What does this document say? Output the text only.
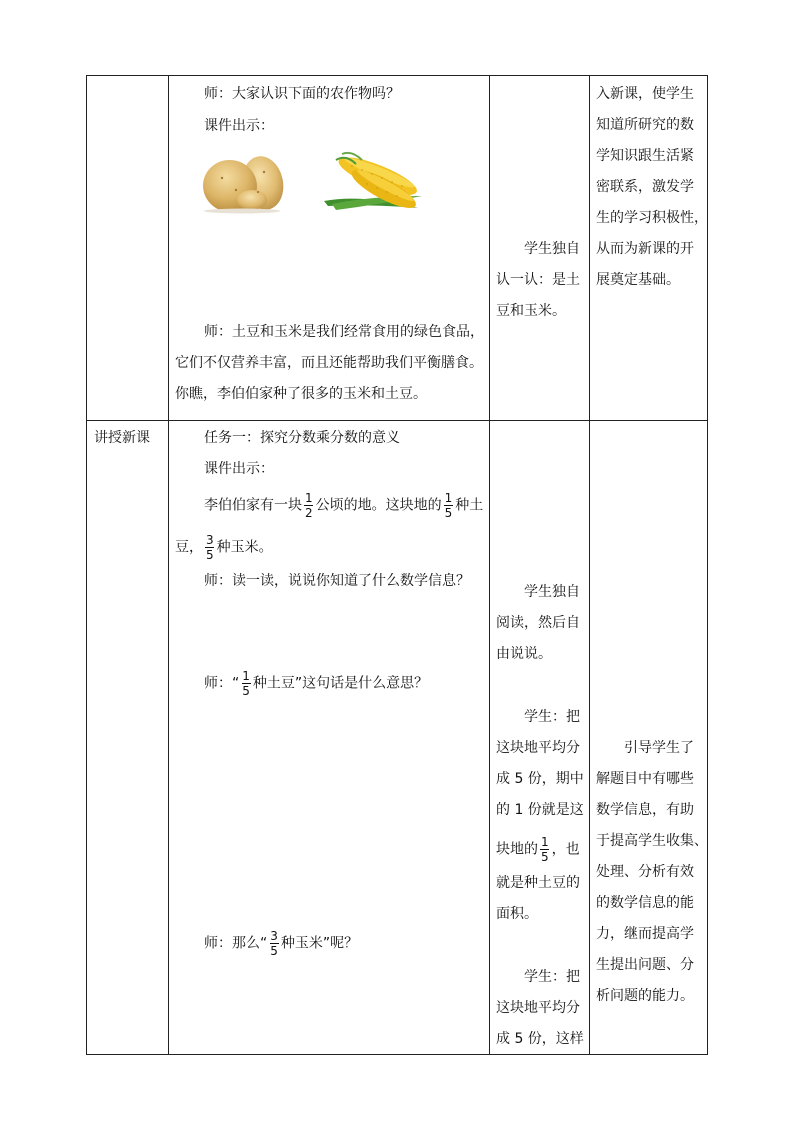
师：大家认识下面的农作物吗？
课件出示：
师：土豆和玉米是我们经常食用的绿色食品，
它们不仅营养丰富，而且还能帮助我们平衡膳食。
你瞧，李伯伯家种了很多的玉米和土豆。
学生独自
认一认：是土
豆和玉米。
入新课，使学生
知道所研究的数
学知识跟生活紧
密联系，激发学
生的学习积极性，
从而为新课的开
展奠定基础。
讲授新课	任务一：探究分数乘分数的意义
课件出示：
李伯伯家有一块 $\frac{1}{2}$ 公顷的地。这块地的 $\frac{1}{5}$ 种土
豆， $\frac{3}{5}$ 种玉米。
师：读一读，说说你知道了什么数学信息？
师：“ $\frac{1}{5}$ 种土豆”这句话是什么意思？
师：那么“ $\frac{3}{5}$ 种玉米”呢？
学生独自
阅读，然后自
由说说。
学生：把
这块地平均分
成 5 份，期中
的 1 份就是这
块地的 $\frac{1}{5}$ ，也
就是种土豆的
面积。
学生：把
这块地平均分
成 5 份，这样
引导学生了
解题目中有哪些
数学信息，有助
于提高学生收集、
处理、分析有效
的数学信息的能
力，继而提高学
生提出问题、分
析问题的能力。
